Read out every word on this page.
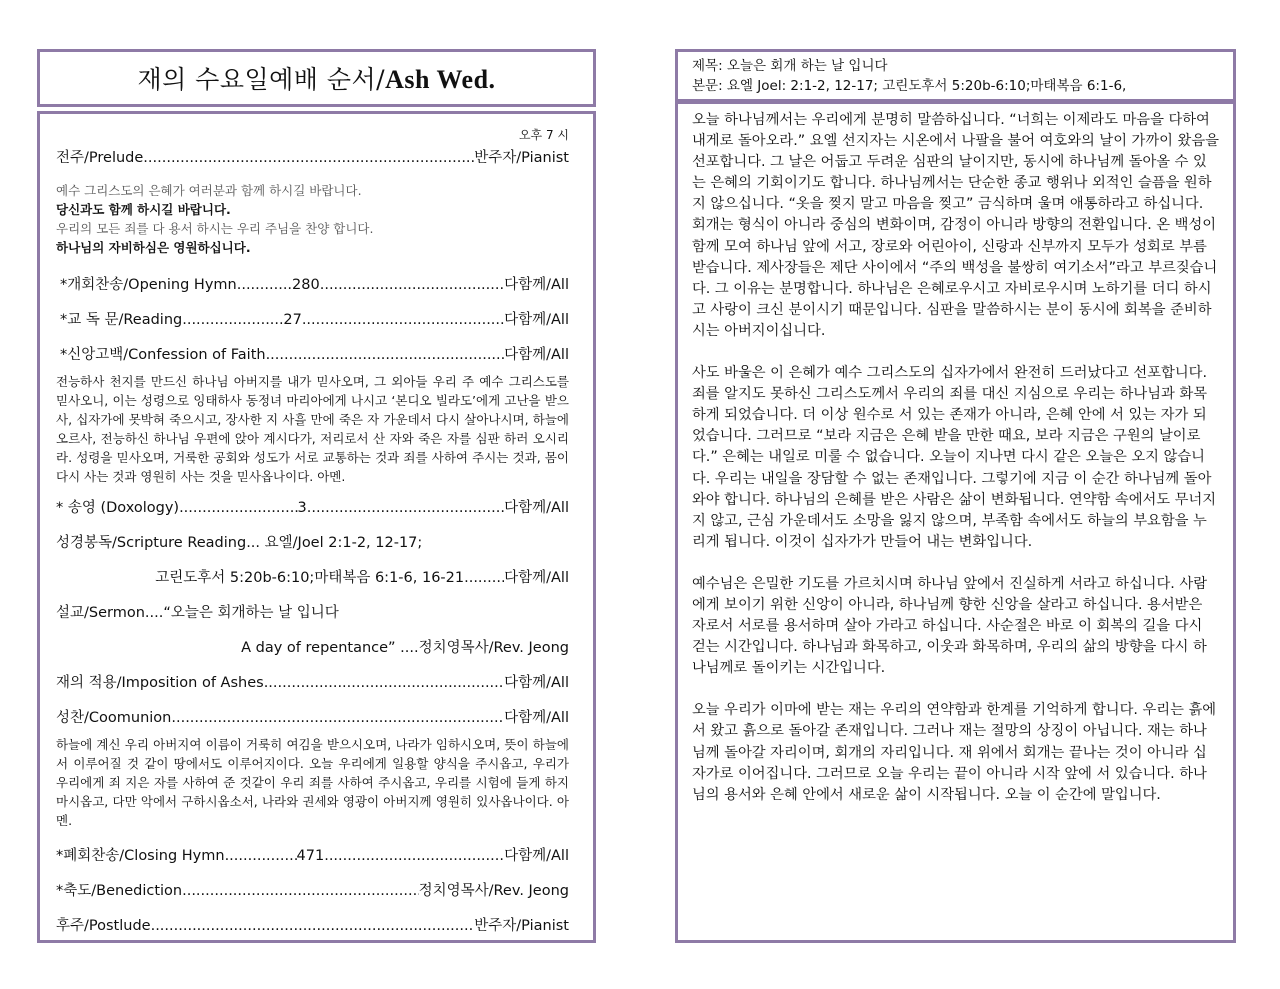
재의 수요일예배 순서/Ash Wed.

오후 7 시

전주/Prelude .....	반주자/Pianist
예수 그리스도의 은혜가 여러분과 함께 하시길 바랍니다.
당신과도 함께 하시길 바랍니다.
우리의 모든 죄를 다 용서 하시는 우리 주님을 찬양 합니다.
하나님의 자비하심은 영원하십니다.
*개회찬송/Opening Hymn .....	280 .....	다함께/All
*교 독 문/Reading .....	27 .....	다함께/All
*신앙고백/Confession of Faith .....	다함께/All

전능하사 천지를 만드신 하나님 아버지를 내가 믿사오며, 그 외아들 우리 주 예수 그리스도를 믿사오니, 이는 성령으로 잉태하사 동정녀 마리아에게 나시고 ‘본디오 빌라도’에게 고난을 받으사, 십자가에 못박혀 죽으시고, 장사한 지 사흘 만에 죽은 자 가운데서 다시 살아나시며, 하늘에 오르사, 전능하신 하나님 우편에 앉아 계시다가, 저리로서 산 자와 죽은 자를 심판 하러 오시리라. 성령을 믿사오며, 거룩한 공회와 성도가 서로 교통하는 것과 죄를 사하여 주시는 것과, 몸이 다시 사는 것과 영원히 사는 것을 믿사옵나이다. 아멘.

* 송영 (Doxology) .....	3 .....	다함께/All
성경봉독/Scripture Reading ... 요엘/Joel 2:1-2, 12-17;
고린도후서 5:20b-6:10;마태복음 6:1-6, 16-21 .....	다함께/All
설교/Sermon ....“오늘은 회개하는 날 입니다
A day of repentance” ....정치영목사/Rev. Jeong
재의 적용/Imposition of Ashes .....	다함께/All
성찬/Coomunion .....	다함께/All

하늘에 계신 우리 아버지여 이름이 거룩히 여김을 받으시오며, 나라가 임하시오며, 뜻이 하늘에서 이루어질 것 같이 땅에서도 이루어지이다. 오늘 우리에게 일용할 양식을 주시옵고, 우리가 우리에게 죄 지은 자를 사하여 준 것같이 우리 죄를 사하여 주시옵고, 우리를 시험에 들게 하지 마시옵고, 다만 악에서 구하시옵소서, 나라와 권세와 영광이 아버지께 영원히 있사옵나이다. 아멘.

*폐회찬송/Closing Hymn .....	471 .....	다함께/All
*축도/Benediction .....	정치영목사/Rev. Jeong
후주/Postlude .....	반주자/Pianist
제목: 오늘은 회개 하는 날 입니다
본문: 요엘 Joel: 2:1-2, 12-17; 고린도후서 5:20b-6:10;마태복음 6:1-6,

오늘 하나님께서는 우리에게 분명히 말씀하십니다. “너희는 이제라도 마음을 다하여 내게로 돌아오라.” 요엘 선지자는 시온에서 나팔을 불어 여호와의 날이 가까이 왔음을 선포합니다. 그 날은 어둡고 두려운 심판의 날이지만, 동시에 하나님께 돌아올 수 있는 은혜의 기회이기도 합니다. 하나님께서는 단순한 종교 행위나 외적인 슬픔을 원하지 않으십니다. “옷을 찢지 말고 마음을 찢고” 금식하며 울며 애통하라고 하십니다. 회개는 형식이 아니라 중심의 변화이며, 감정이 아니라 방향의 전환입니다. 온 백성이 함께 모여 하나님 앞에 서고, 장로와 어린아이, 신랑과 신부까지 모두가 성회로 부름 받습니다. 제사장들은 제단 사이에서 “주의 백성을 불쌍히 여기소서”라고 부르짖습니다. 그 이유는 분명합니다. 하나님은 은혜로우시고 자비로우시며 노하기를 더디 하시고 사랑이 크신 분이시기 때문입니다. 심판을 말씀하시는 분이 동시에 회복을 준비하시는 아버지이십니다.

사도 바울은 이 은혜가 예수 그리스도의 십자가에서 완전히 드러났다고 선포합니다. 죄를 알지도 못하신 그리스도께서 우리의 죄를 대신 지심으로 우리는 하나님과 화목하게 되었습니다. 더 이상 원수로 서 있는 존재가 아니라, 은혜 안에 서 있는 자가 되었습니다. 그러므로 “보라 지금은 은혜 받을 만한 때요, 보라 지금은 구원의 날이로다.” 은혜는 내일로 미룰 수 없습니다. 오늘이 지나면 다시 같은 오늘은 오지 않습니다. 우리는 내일을 장담할 수 없는 존재입니다. 그렇기에 지금 이 순간 하나님께 돌아와야 합니다. 하나님의 은혜를 받은 사람은 삶이 변화됩니다. 연약함 속에서도 무너지지 않고, 근심 가운데서도 소망을 잃지 않으며, 부족함 속에서도 하늘의 부요함을 누리게 됩니다. 이것이 십자가가 만들어 내는 변화입니다.

예수님은 은밀한 기도를 가르치시며 하나님 앞에서 진실하게 서라고 하십니다. 사람에게 보이기 위한 신앙이 아니라, 하나님께 향한 신앙을 살라고 하십니다. 용서받은 자로서 서로를 용서하며 살아 가라고 하십니다. 사순절은 바로 이 회복의 길을 다시 걷는 시간입니다. 하나님과 화목하고, 이웃과 화목하며, 우리의 삶의 방향을 다시 하나님께로 돌이키는 시간입니다.

오늘 우리가 이마에 받는 재는 우리의 연약함과 한계를 기억하게 합니다. 우리는 흙에서 왔고 흙으로 돌아갈 존재입니다. 그러나 재는 절망의 상징이 아닙니다. 재는 하나님께 돌아갈 자리이며, 회개의 자리입니다. 재 위에서 회개는 끝나는 것이 아니라 십자가로 이어집니다. 그러므로 오늘 우리는 끝이 아니라 시작 앞에 서 있습니다. 하나님의 용서와 은혜 안에서 새로운 삶이 시작됩니다. 오늘 이 순간에 말입니다.
